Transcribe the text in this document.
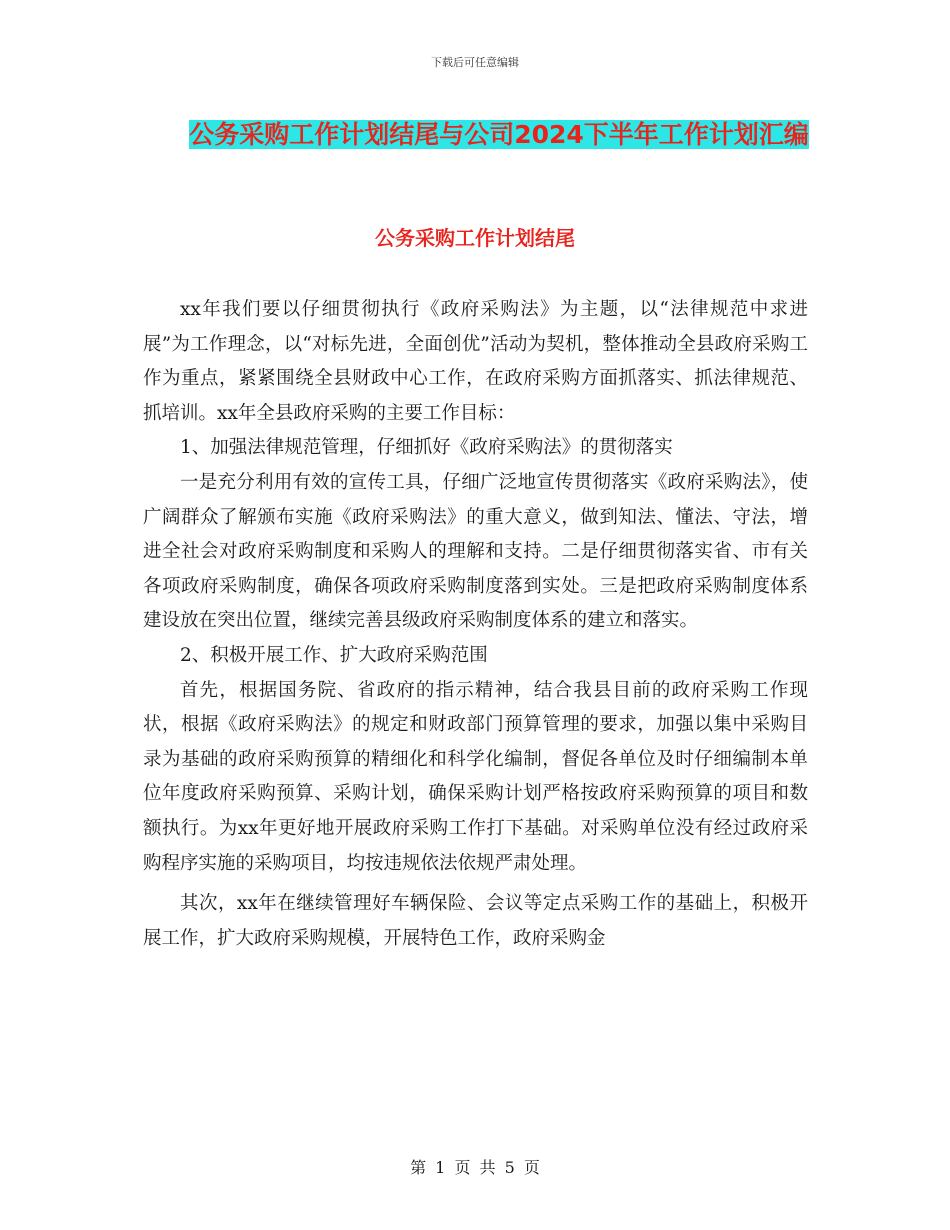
下载后可任意编辑
公务采购工作计划结尾与公司2024下半年工作计划汇编
公务采购工作计划结尾

xx年我们要以仔细贯彻执行《政府采购法》为主题，以“法律规范中求进展”为工作理念，以“对标先进，全面创优”活动为契机，整体推动全县政府采购工作为重点，紧紧围绕全县财政中心工作，在政府采购方面抓落实、抓法律规范、抓培训。xx年全县政府采购的主要工作目标：

1、加强法律规范管理，仔细抓好《政府采购法》的贯彻落实

一是充分利用有效的宣传工具，仔细广泛地宣传贯彻落实《政府采购法》，使广阔群众了解颁布实施《政府采购法》的重大意义，做到知法、懂法、守法，增进全社会对政府采购制度和采购人的理解和支持。二是仔细贯彻落实省、市有关各项政府采购制度，确保各项政府采购制度落到实处。三是把政府采购制度体系建设放在突出位置，继续完善县级政府采购制度体系的建立和落实。

2、积极开展工作、扩大政府采购范围

首先，根据国务院、省政府的指示精神，结合我县目前的政府采购工作现状，根据《政府采购法》的规定和财政部门预算管理的要求，加强以集中采购目录为基础的政府采购预算的精细化和科学化编制，督促各单位及时仔细编制本单位年度政府采购预算、采购计划，确保采购计划严格按政府采购预算的项目和数额执行。为xx年更好地开展政府采购工作打下基础。对采购单位没有经过政府采购程序实施的采购项目，均按违规依法依规严肃处理。

其次，xx年在继续管理好车辆保险、会议等定点采购工作的基础上，积极开展工作，扩大政府采购规模，开展特色工作，政府采购金

第 1 页 共 5 页
